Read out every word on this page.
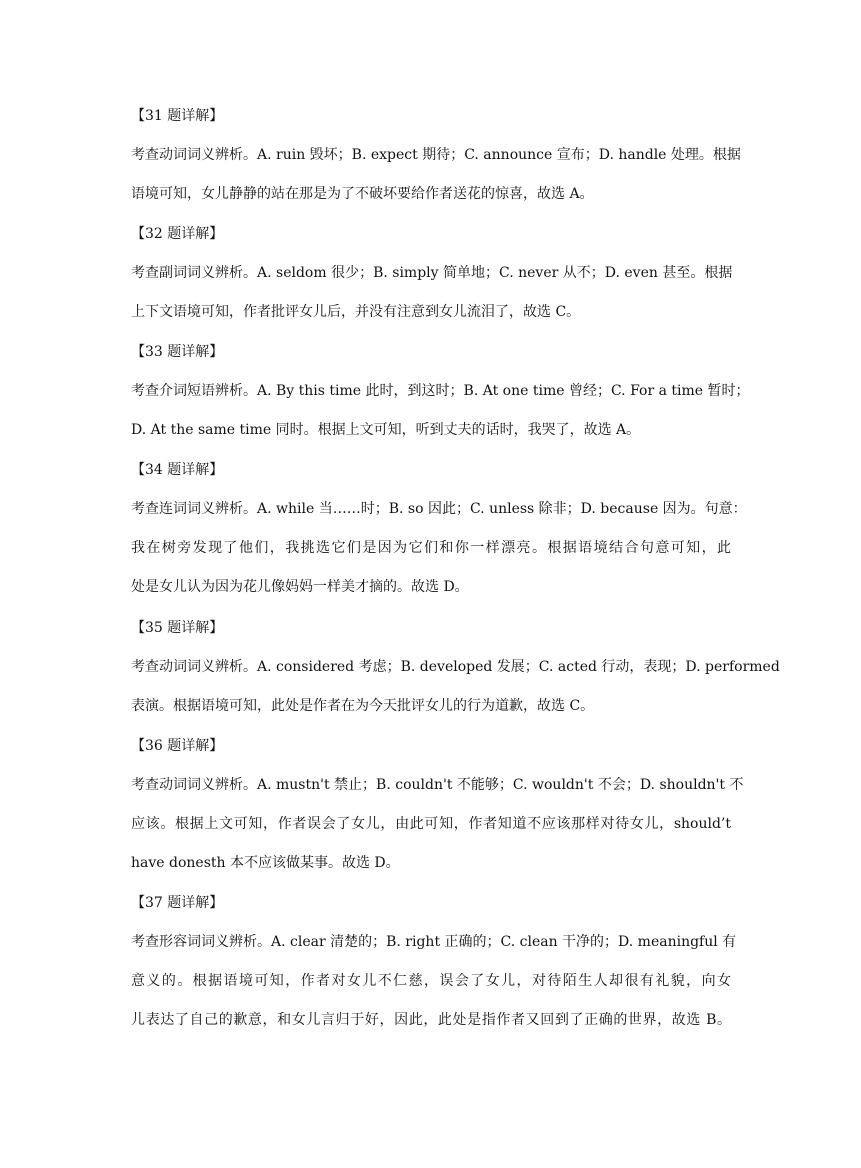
【31 题详解】
考查动词词义辨析。A. ruin 毁坏；B. expect 期待；C. announce 宣布；D. handle 处理。根据
语境可知，女儿静静的站在那是为了不破坏要给作者送花的惊喜，故选 A。
【32 题详解】
考查副词词义辨析。A. seldom 很少；B. simply 简单地；C. never 从不；D. even 甚至。根据
上下文语境可知，作者批评女儿后，并没有注意到女儿流泪了，故选 C。
【33 题详解】
考查介词短语辨析。A. By this time 此时，到这时；B. At one time 曾经；C. For a time 暂时；
D. At the same time 同时。根据上文可知，听到丈夫的话时，我哭了，故选 A。
【34 题详解】
考查连词词义辨析。A. while 当……时；B. so 因此；C. unless 除非；D. because 因为。句意：
我在树旁发现了他们，我挑选它们是因为它们和你一样漂亮。根据语境结合句意可知，此
处是女儿认为因为花儿像妈妈一样美才摘的。故选 D。
【35 题详解】
考查动词词义辨析。A. considered 考虑；B. developed 发展；C. acted 行动，表现；D. performed
表演。根据语境可知，此处是作者在为今天批评女儿的行为道歉，故选 C。
【36 题详解】
考查动词词义辨析。A. mustn't 禁止；B. couldn't 不能够；C. wouldn't 不会；D. shouldn't 不
应该。根据上文可知，作者误会了女儿，由此可知，作者知道不应该那样对待女儿，should’t
have donesth 本不应该做某事。故选 D。
【37 题详解】
考查形容词词义辨析。A. clear 清楚的；B. right 正确的；C. clean 干净的；D. meaningful 有
意义的。根据语境可知，作者对女儿不仁慈，误会了女儿，对待陌生人却很有礼貌，向女
儿表达了自己的歉意，和女儿言归于好，因此，此处是指作者又回到了正确的世界，故选 B。
